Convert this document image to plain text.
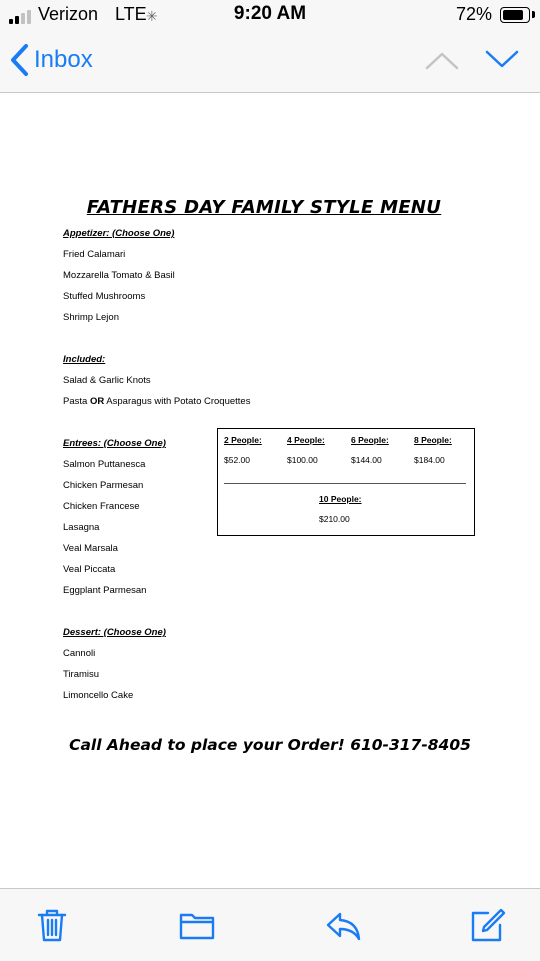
Verizon LTE ✳	9:20 AM	72%
Inbox
FATHERS DAY FAMILY STYLE MENU
Appetizer: (Choose One)
Fried Calamari
Mozzarella Tomato & Basil
Stuffed Mushrooms
Shrimp Lejon
Included:
Salad & Garlic Knots
Pasta OR Asparagus with Potato Croquettes
Entrees: (Choose One)
Salmon Puttanesca
Chicken Parmesan
Chicken Francese
Lasagna
Veal Marsala
Veal Piccata
Eggplant Parmesan
Dessert: (Choose One)
Cannoli
Tiramisu
Limoncello Cake
2 People:	4 People:	6 People:	8 People:
$52.00	$100.00	$144.00	$184.00
10 People:
$210.00
Call Ahead to place your Order! 610-317-8405
